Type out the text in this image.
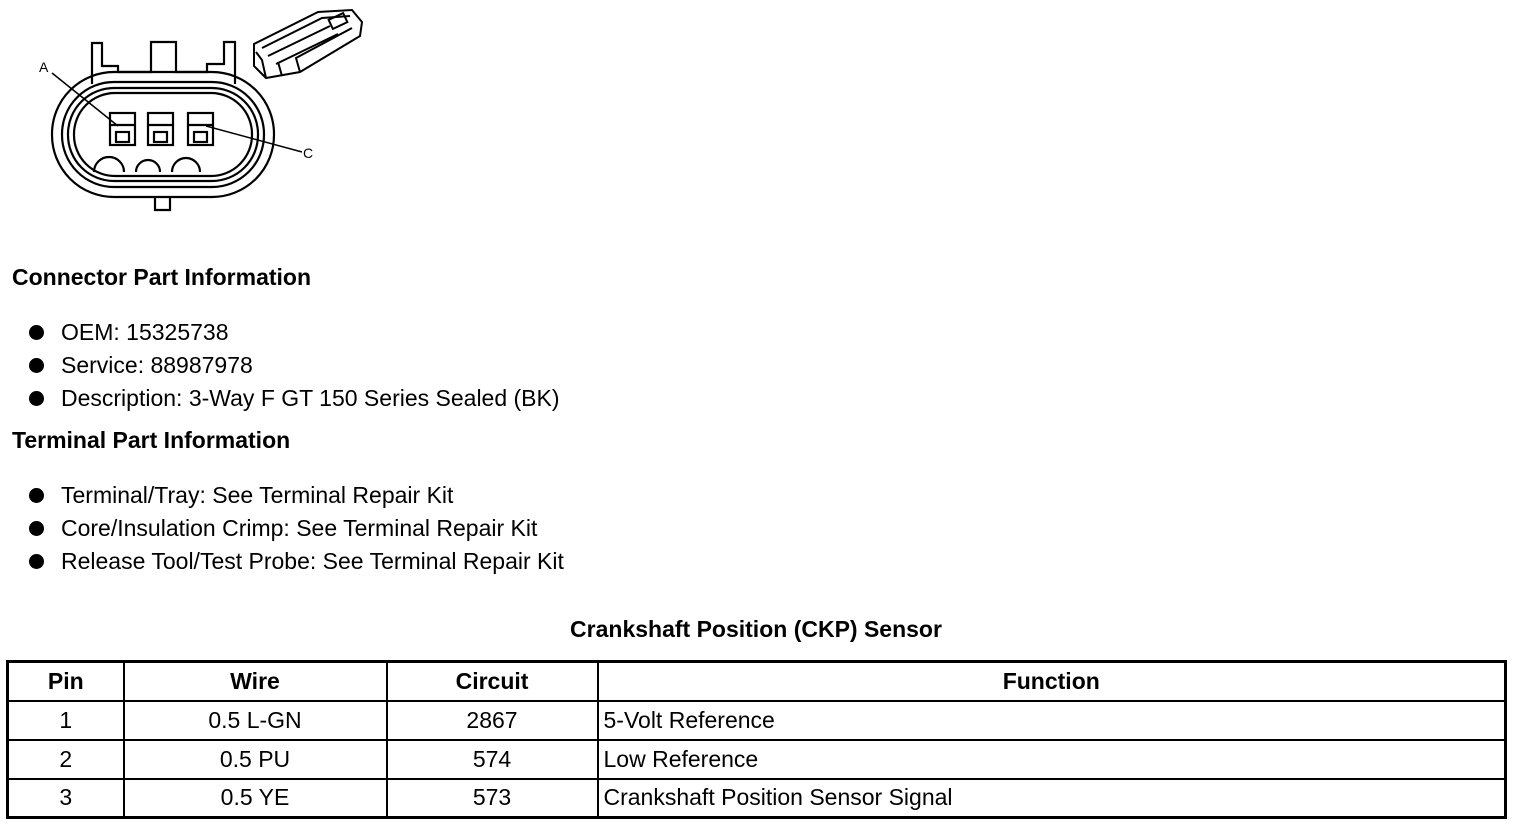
A
C
Connector Part Information
OEM: 15325738
Service: 88987978
Description: 3-Way F GT 150 Series Sealed (BK)
Terminal Part Information
Terminal/Tray: See Terminal Repair Kit
Core/Insulation Crimp: See Terminal Repair Kit
Release Tool/Test Probe: See Terminal Repair Kit
Crankshaft Position (CKP) Sensor
Pin	Wire	Circuit	Function
1	0.5 L-GN	2867	5-Volt Reference
2	0.5 PU	574	Low Reference
3	0.5 YE	573	Crankshaft Position Sensor Signal
